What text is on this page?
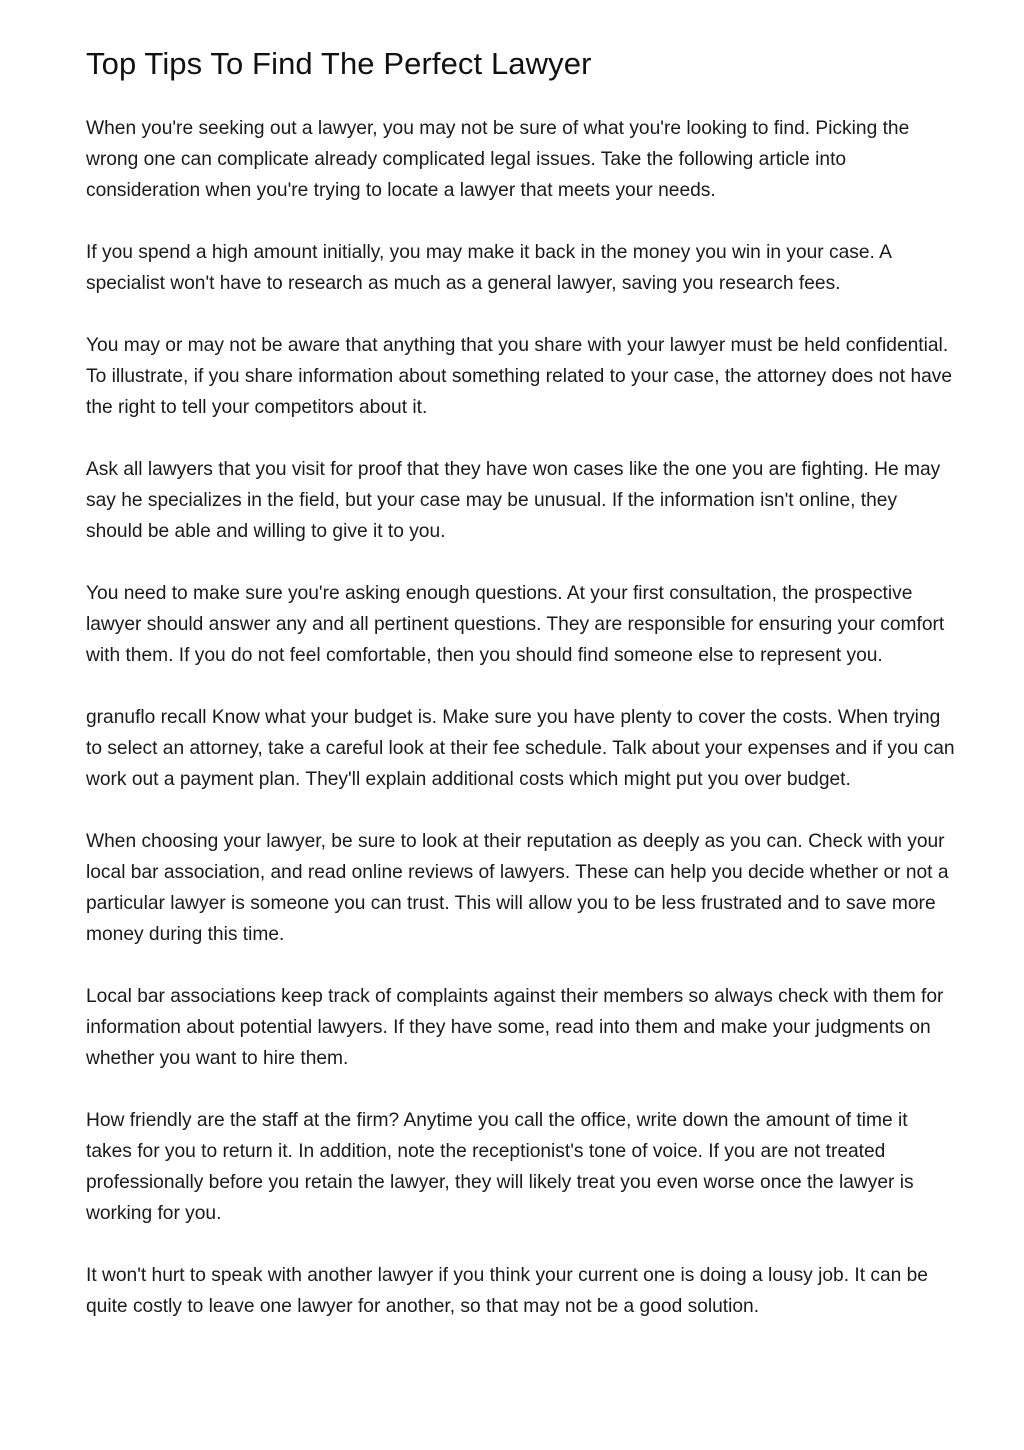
Top Tips To Find The Perfect Lawyer

When you're seeking out a lawyer, you may not be sure of what you're looking to find. Picking the wrong one can complicate already complicated legal issues. Take the following article into consideration when you're trying to locate a lawyer that meets your needs.

If you spend a high amount initially, you may make it back in the money you win in your case. A specialist won't have to research as much as a general lawyer, saving you research fees.

You may or may not be aware that anything that you share with your lawyer must be held confidential. To illustrate, if you share information about something related to your case, the attorney does not have the right to tell your competitors about it.

Ask all lawyers that you visit for proof that they have won cases like the one you are fighting. He may say he specializes in the field, but your case may be unusual. If the information isn't online, they should be able and willing to give it to you.

You need to make sure you're asking enough questions. At your first consultation, the prospective lawyer should answer any and all pertinent questions. They are responsible for ensuring your comfort with them. If you do not feel comfortable, then you should find someone else to represent you.

granuflo recall Know what your budget is. Make sure you have plenty to cover the costs. When trying to select an attorney, take a careful look at their fee schedule. Talk about your expenses and if you can work out a payment plan. They'll explain additional costs which might put you over budget.

When choosing your lawyer, be sure to look at their reputation as deeply as you can. Check with your local bar association, and read online reviews of lawyers. These can help you decide whether or not a particular lawyer is someone you can trust. This will allow you to be less frustrated and to save more money during this time.

Local bar associations keep track of complaints against their members so always check with them for information about potential lawyers. If they have some, read into them and make your judgments on whether you want to hire them.

How friendly are the staff at the firm? Anytime you call the office, write down the amount of time it takes for you to return it. In addition, note the receptionist's tone of voice. If you are not treated professionally before you retain the lawyer, they will likely treat you even worse once the lawyer is working for you.

It won't hurt to speak with another lawyer if you think your current one is doing a lousy job. It can be quite costly to leave one lawyer for another, so that may not be a good solution.
